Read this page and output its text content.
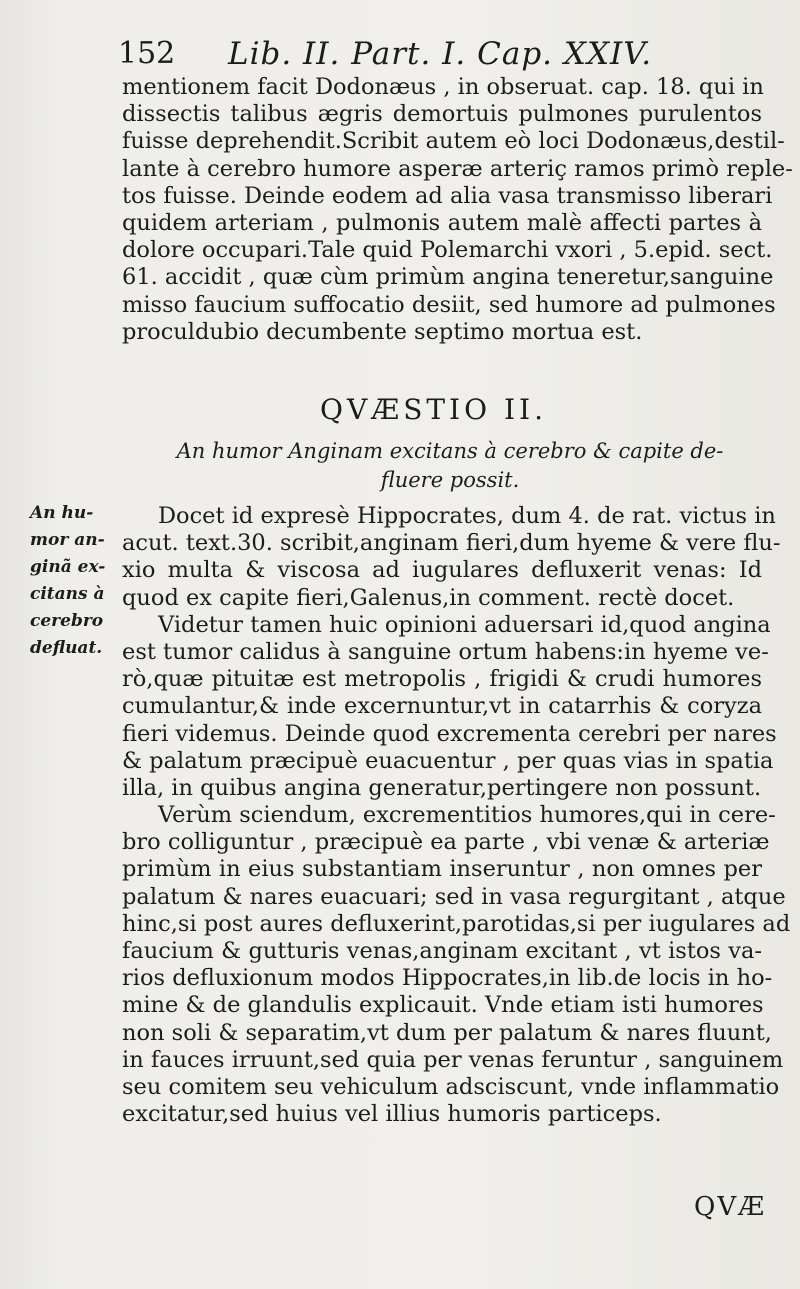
152 Lib. II. Part. I. Cap. XXIV.
mentionem facit Dodonæus , in obseruat. cap. 18. qui in
dissectis talibus ægris demortuis pulmones purulentos
fuisse deprehendit.Scribit autem eò loci Dodonæus,destil-
lante à cerebro humore asperæ arteriç ramos primò reple-
tos fuisse. Deinde eodem ad alia vasa transmisso liberari
quidem arteriam , pulmonis autem malè affecti partes à
dolore occupari.Tale quid Polemarchi vxori , 5.epid. sect.
61. accidit , quæ cùm primùm angina teneretur,sanguine
misso faucium suffocatio desiit, sed humore ad pulmones
proculdubio decumbente septimo mortua est.
QVÆSTIO II.
An humor Anginam excitans à cerebro & capite de-
fluere possit.
An hu-
mor an-
ginã ex-
citans à
cerebro
defluat.
Docet id expresè Hippocrates, dum 4. de rat. victus in
acut. text.30. scribit,anginam fieri,dum hyeme & vere flu-
xio multa & viscosa ad iugulares defluxerit venas: Id
quod ex capite fieri,Galenus,in comment. rectè docet.
Videtur tamen huic opinioni aduersari id,quod angina
est tumor calidus à sanguine ortum habens:in hyeme ve-
rò,quæ pituitæ est metropolis , frigidi & crudi humores
cumulantur,& inde excernuntur,vt in catarrhis & coryza
fieri videmus. Deinde quod excrementa cerebri per nares
& palatum præcipuè euacuentur , per quas vias in spatia
illa, in quibus angina generatur,pertingere non possunt.
Verùm sciendum, excrementitios humores,qui in cere-
bro colliguntur , præcipuè ea parte , vbi venæ & arteriæ
primùm in eius substantiam inseruntur , non omnes per
palatum & nares euacuari; sed in vasa regurgitant , atque
hinc,si post aures defluxerint,parotidas,si per iugulares ad
faucium & gutturis venas,anginam excitant , vt istos va-
rios defluxionum modos Hippocrates,in lib.de locis in ho-
mine & de glandulis explicauit. Vnde etiam isti humores
non soli & separatim,vt dum per palatum & nares fluunt,
in fauces irruunt,sed quia per venas feruntur , sanguinem
seu comitem seu vehiculum adsciscunt, vnde inflammatio
excitatur,sed huius vel illius humoris particeps.
QVÆ
